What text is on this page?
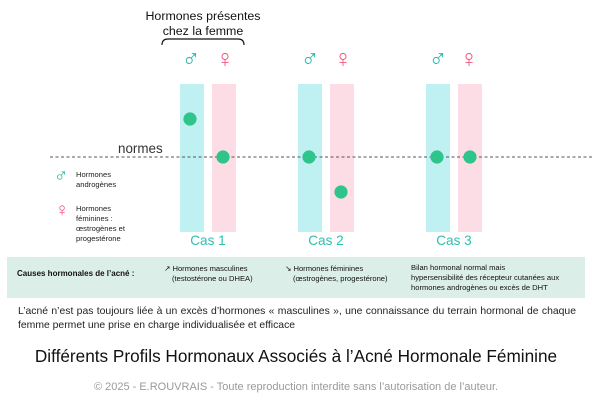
Hormones présentes
chez la femme
♂ ♀	♂ ♀	♂ ♀
normes
Cas 1	Cas 2	Cas 3
♂ Hormones
androgènes
♀ Hormones
féminines :
œstrogènes et
progestérone
Causes hormonales de l’acné :
↗ Hormones masculines
(testostérone ou DHEA)
↘ Hormones féminines
(œstrogènes, progestérone)
Bilan hormonal normal mais
hypersensibilité des récepteur cutanées aux
hormones androgènes ou excès de DHT

L’acné n’est pas toujours liée à un excès d’hormones « masculines », une connaissance du terrain hormonal de chaque femme permet une prise en charge individualisée et efficace

Différents Profils Hormonaux Associés à l’Acné Hormonale Féminine

© 2025 - E.ROUVRAIS - Toute reproduction interdite sans l’autorisation de l’auteur.
